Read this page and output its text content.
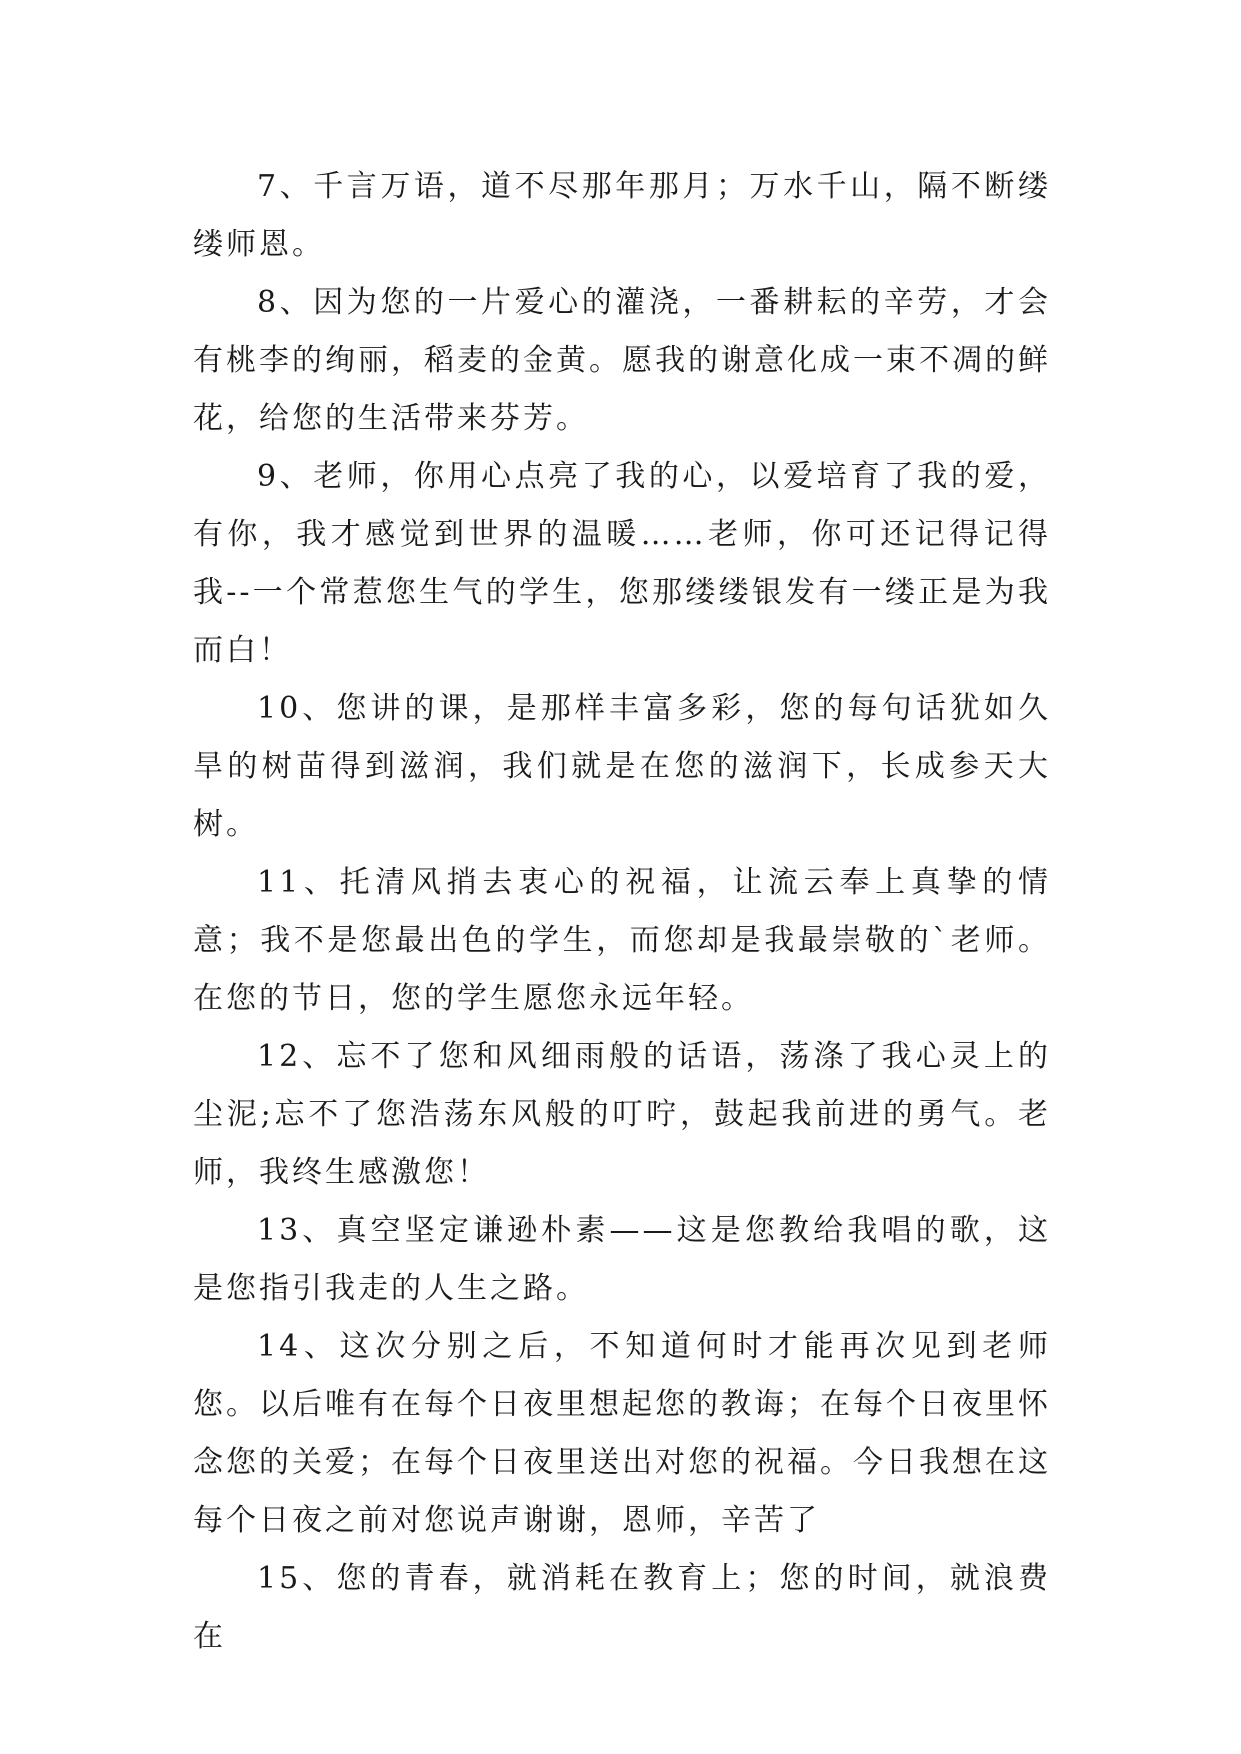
7、千言万语，道不尽那年那月；万水千山，隔不断缕缕师恩。

8、因为您的一片爱心的灌浇，一番耕耘的辛劳，才会有桃李的绚丽，稻麦的金黄。愿我的谢意化成一束不凋的鲜花，给您的生活带来芬芳。

9、老师，你用心点亮了我的心，以爱培育了我的爱，有你，我才感觉到世界的温暖……老师，你可还记得记得我--一个常惹您生气的学生，您那缕缕银发有一缕正是为我而白！

10、您讲的课，是那样丰富多彩，您的每句话犹如久旱的树苗得到滋润，我们就是在您的滋润下，长成参天大树。

11、托清风捎去衷心的祝福，让流云奉上真挚的情意；我不是您最出色的学生，而您却是我最崇敬的`老师。在您的节日，您的学生愿您永远年轻。

12、忘不了您和风细雨般的话语，荡涤了我心灵上的尘泥;忘不了您浩荡东风般的叮咛，鼓起我前进的勇气。老师，我终生感激您！

13、真空坚定谦逊朴素——这是您教给我唱的歌，这是您指引我走的人生之路。

14、这次分别之后，不知道何时才能再次见到老师您。以后唯有在每个日夜里想起您的教诲；在每个日夜里怀念您的关爱；在每个日夜里送出对您的祝福。今日我想在这每个日夜之前对您说声谢谢，恩师，辛苦了

15、您的青春，就消耗在教育上；您的时间，就浪费在
